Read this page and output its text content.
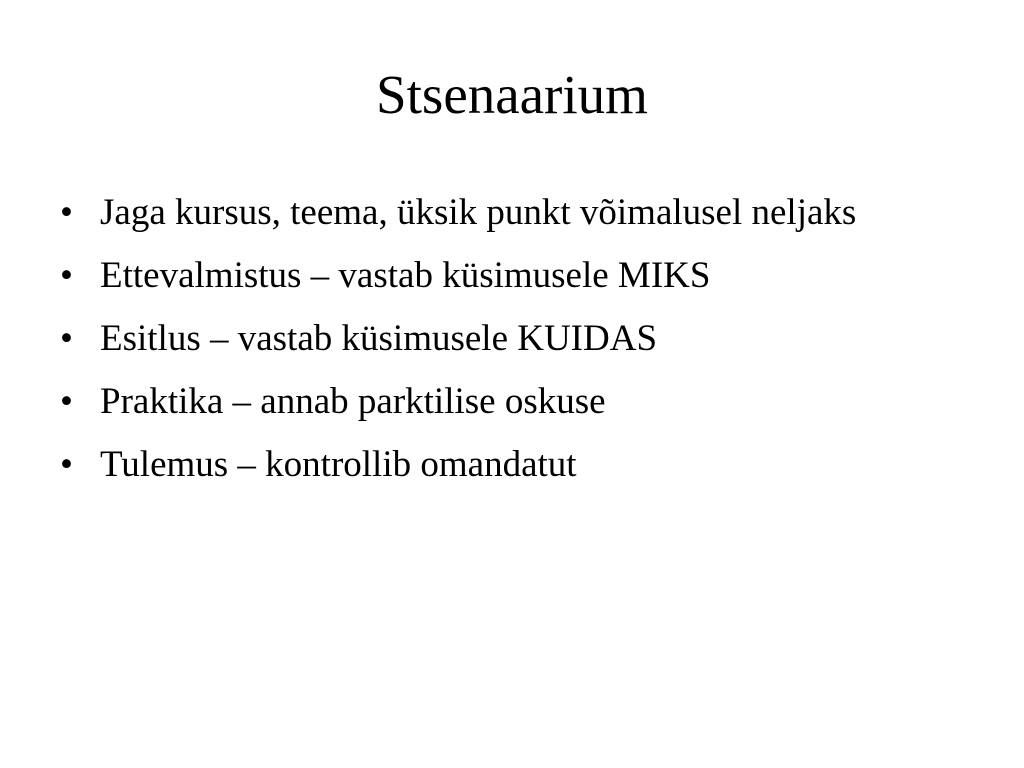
Stsenaarium
• Jaga kursus, teema, üksik punkt võimalusel neljaks
• Ettevalmistus – vastab küsimusele MIKS
• Esitlus – vastab küsimusele KUIDAS
• Praktika – annab parktilise oskuse
• Tulemus – kontrollib omandatut
